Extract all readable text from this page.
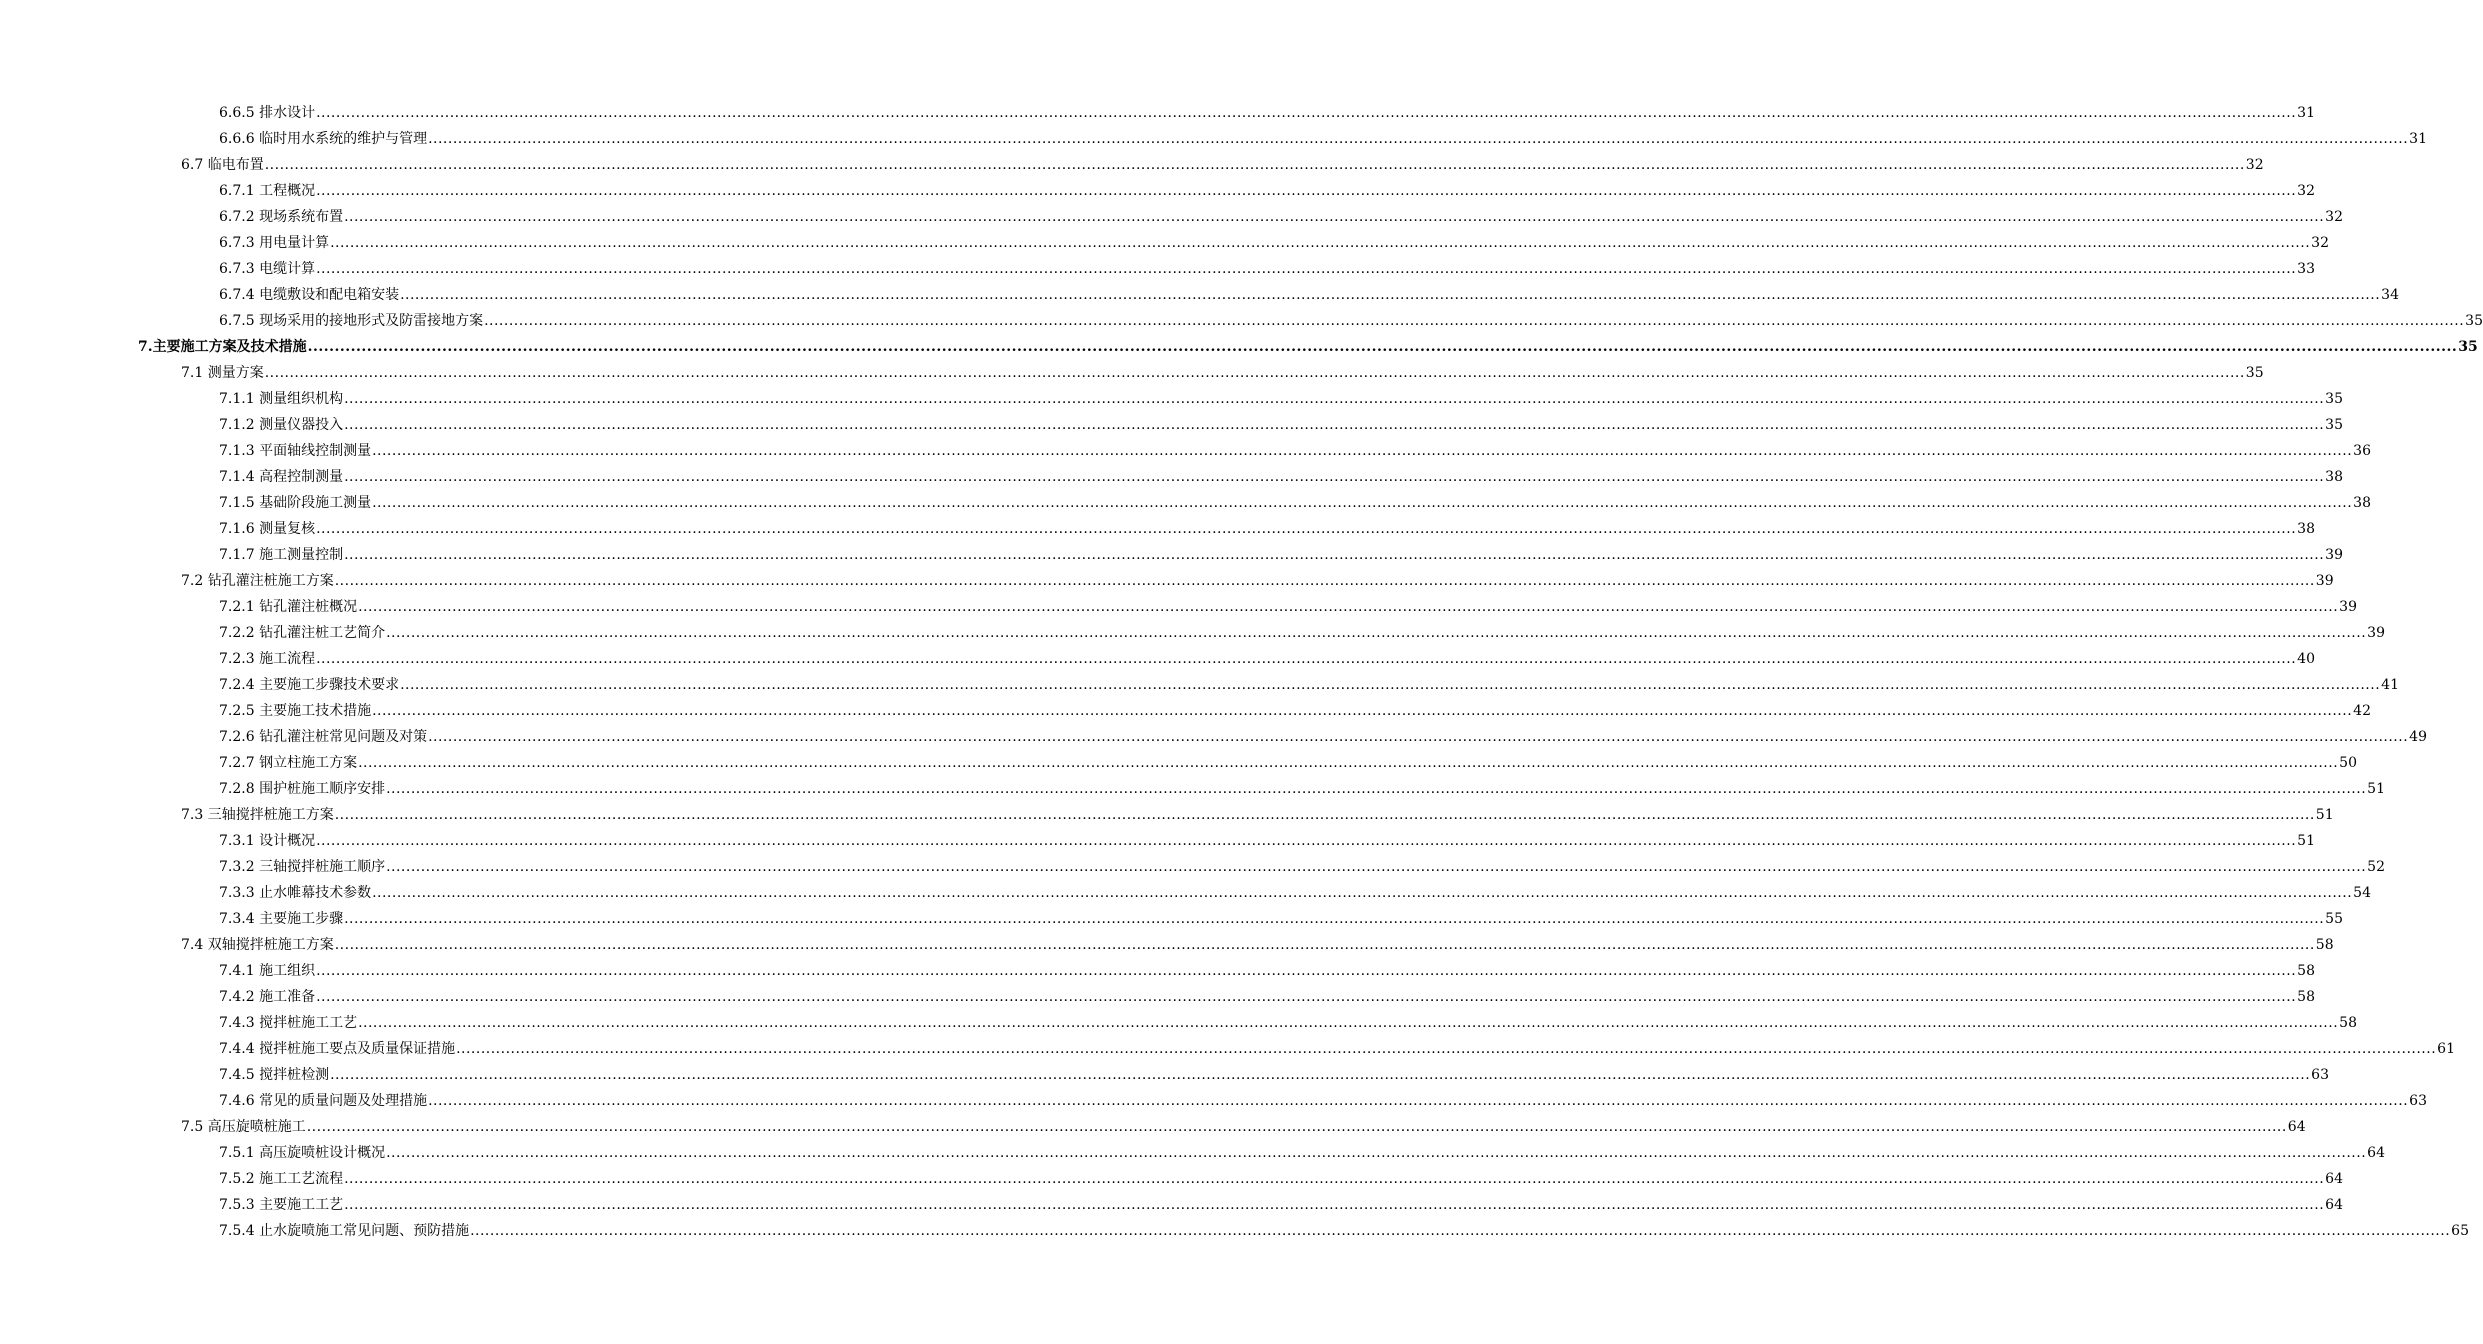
6.6.5 排水设计 ................................................................................................................................................................................................................................................................................................................................................................................................................ 31
6.6.6 临时用水系统的维护与管理 ................................................................................................................................................................................................................................................................................................................................................................................................................ 31
6.7 临电布置 ................................................................................................................................................................................................................................................................................................................................................................................................................ 32
6.7.1 工程概况 ................................................................................................................................................................................................................................................................................................................................................................................................................ 32
6.7.2 现场系统布置 ................................................................................................................................................................................................................................................................................................................................................................................................................ 32
6.7.3 用电量计算 ................................................................................................................................................................................................................................................................................................................................................................................................................ 32
6.7.3 电缆计算 ................................................................................................................................................................................................................................................................................................................................................................................................................ 33
6.7.4 电缆敷设和配电箱安装 ................................................................................................................................................................................................................................................................................................................................................................................................................ 34
6.7.5 现场采用的接地形式及防雷接地方案 ................................................................................................................................................................................................................................................................................................................................................................................................................ 35
7.主要施工方案及技术措施 ................................................................................................................................................................................................................................................................................................................................................................................................................ 35
7.1 测量方案 ................................................................................................................................................................................................................................................................................................................................................................................................................ 35
7.1.1 测量组织机构 ................................................................................................................................................................................................................................................................................................................................................................................................................ 35
7.1.2 测量仪器投入 ................................................................................................................................................................................................................................................................................................................................................................................................................ 35
7.1.3 平面轴线控制测量 ................................................................................................................................................................................................................................................................................................................................................................................................................ 36
7.1.4 高程控制测量 ................................................................................................................................................................................................................................................................................................................................................................................................................ 38
7.1.5 基础阶段施工测量 ................................................................................................................................................................................................................................................................................................................................................................................................................ 38
7.1.6 测量复核 ................................................................................................................................................................................................................................................................................................................................................................................................................ 38
7.1.7 施工测量控制 ................................................................................................................................................................................................................................................................................................................................................................................................................ 39
7.2 钻孔灌注桩施工方案 ................................................................................................................................................................................................................................................................................................................................................................................................................ 39
7.2.1 钻孔灌注桩概况 ................................................................................................................................................................................................................................................................................................................................................................................................................ 39
7.2.2 钻孔灌注桩工艺简介 ................................................................................................................................................................................................................................................................................................................................................................................................................ 39
7.2.3 施工流程 ................................................................................................................................................................................................................................................................................................................................................................................................................ 40
7.2.4 主要施工步骤技术要求 ................................................................................................................................................................................................................................................................................................................................................................................................................ 41
7.2.5 主要施工技术措施 ................................................................................................................................................................................................................................................................................................................................................................................................................ 42
7.2.6 钻孔灌注桩常见问题及对策 ................................................................................................................................................................................................................................................................................................................................................................................................................ 49
7.2.7 钢立柱施工方案 ................................................................................................................................................................................................................................................................................................................................................................................................................ 50
7.2.8 围护桩施工顺序安排 ................................................................................................................................................................................................................................................................................................................................................................................................................ 51
7.3 三轴搅拌桩施工方案 ................................................................................................................................................................................................................................................................................................................................................................................................................ 51
7.3.1 设计概况 ................................................................................................................................................................................................................................................................................................................................................................................................................ 51
7.3.2 三轴搅拌桩施工顺序 ................................................................................................................................................................................................................................................................................................................................................................................................................ 52
7.3.3 止水帷幕技术参数 ................................................................................................................................................................................................................................................................................................................................................................................................................ 54
7.3.4 主要施工步骤 ................................................................................................................................................................................................................................................................................................................................................................................................................ 55
7.4 双轴搅拌桩施工方案 ................................................................................................................................................................................................................................................................................................................................................................................................................ 58
7.4.1 施工组织 ................................................................................................................................................................................................................................................................................................................................................................................................................ 58
7.4.2 施工准备 ................................................................................................................................................................................................................................................................................................................................................................................................................ 58
7.4.3 搅拌桩施工工艺 ................................................................................................................................................................................................................................................................................................................................................................................................................ 58
7.4.4 搅拌桩施工要点及质量保证措施 ................................................................................................................................................................................................................................................................................................................................................................................................................ 61
7.4.5 搅拌桩检测 ................................................................................................................................................................................................................................................................................................................................................................................................................ 63
7.4.6 常见的质量问题及处理措施 ................................................................................................................................................................................................................................................................................................................................................................................................................ 63
7.5 高压旋喷桩施工 ................................................................................................................................................................................................................................................................................................................................................................................................................ 64
7.5.1 高压旋喷桩设计概况 ................................................................................................................................................................................................................................................................................................................................................................................................................ 64
7.5.2 施工工艺流程 ................................................................................................................................................................................................................................................................................................................................................................................................................ 64
7.5.3 主要施工工艺 ................................................................................................................................................................................................................................................................................................................................................................................................................ 64
7.5.4 止水旋喷施工常见问题、预防措施 ................................................................................................................................................................................................................................................................................................................................................................................................................ 65
